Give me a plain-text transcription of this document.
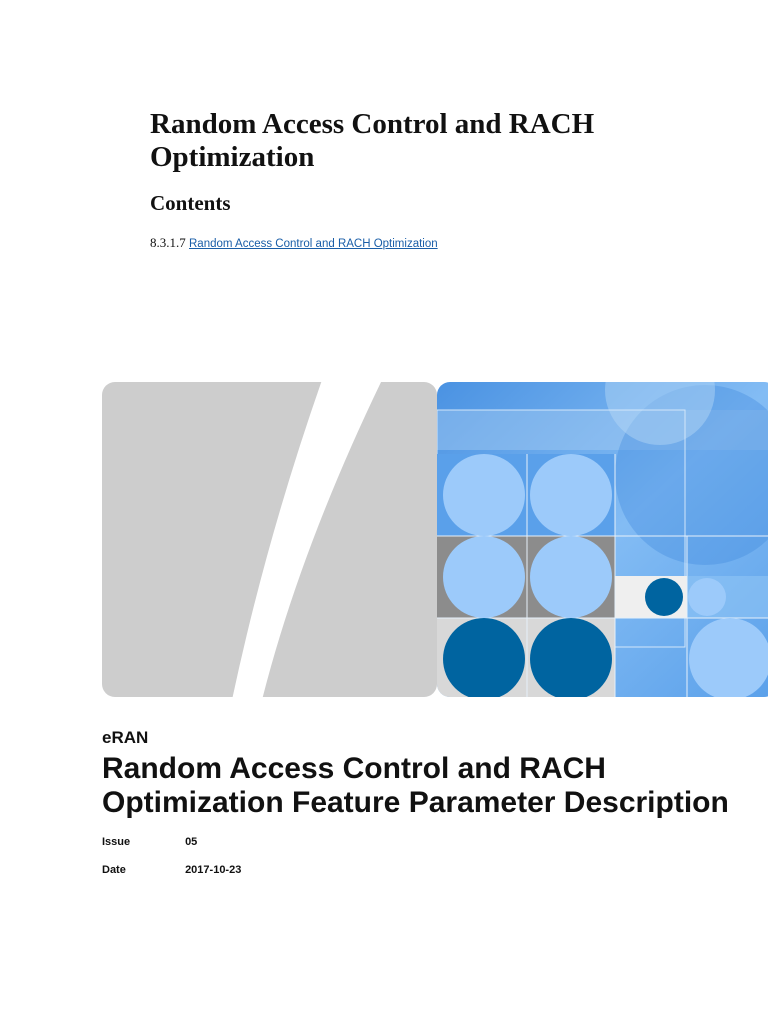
Random Access Control and RACH Optimization
Contents
8.3.1.7 Random Access Control and RACH Optimization
eRAN
Random Access Control and RACH Optimization Feature Parameter Description
Issue	05
Date	2017-10-23
